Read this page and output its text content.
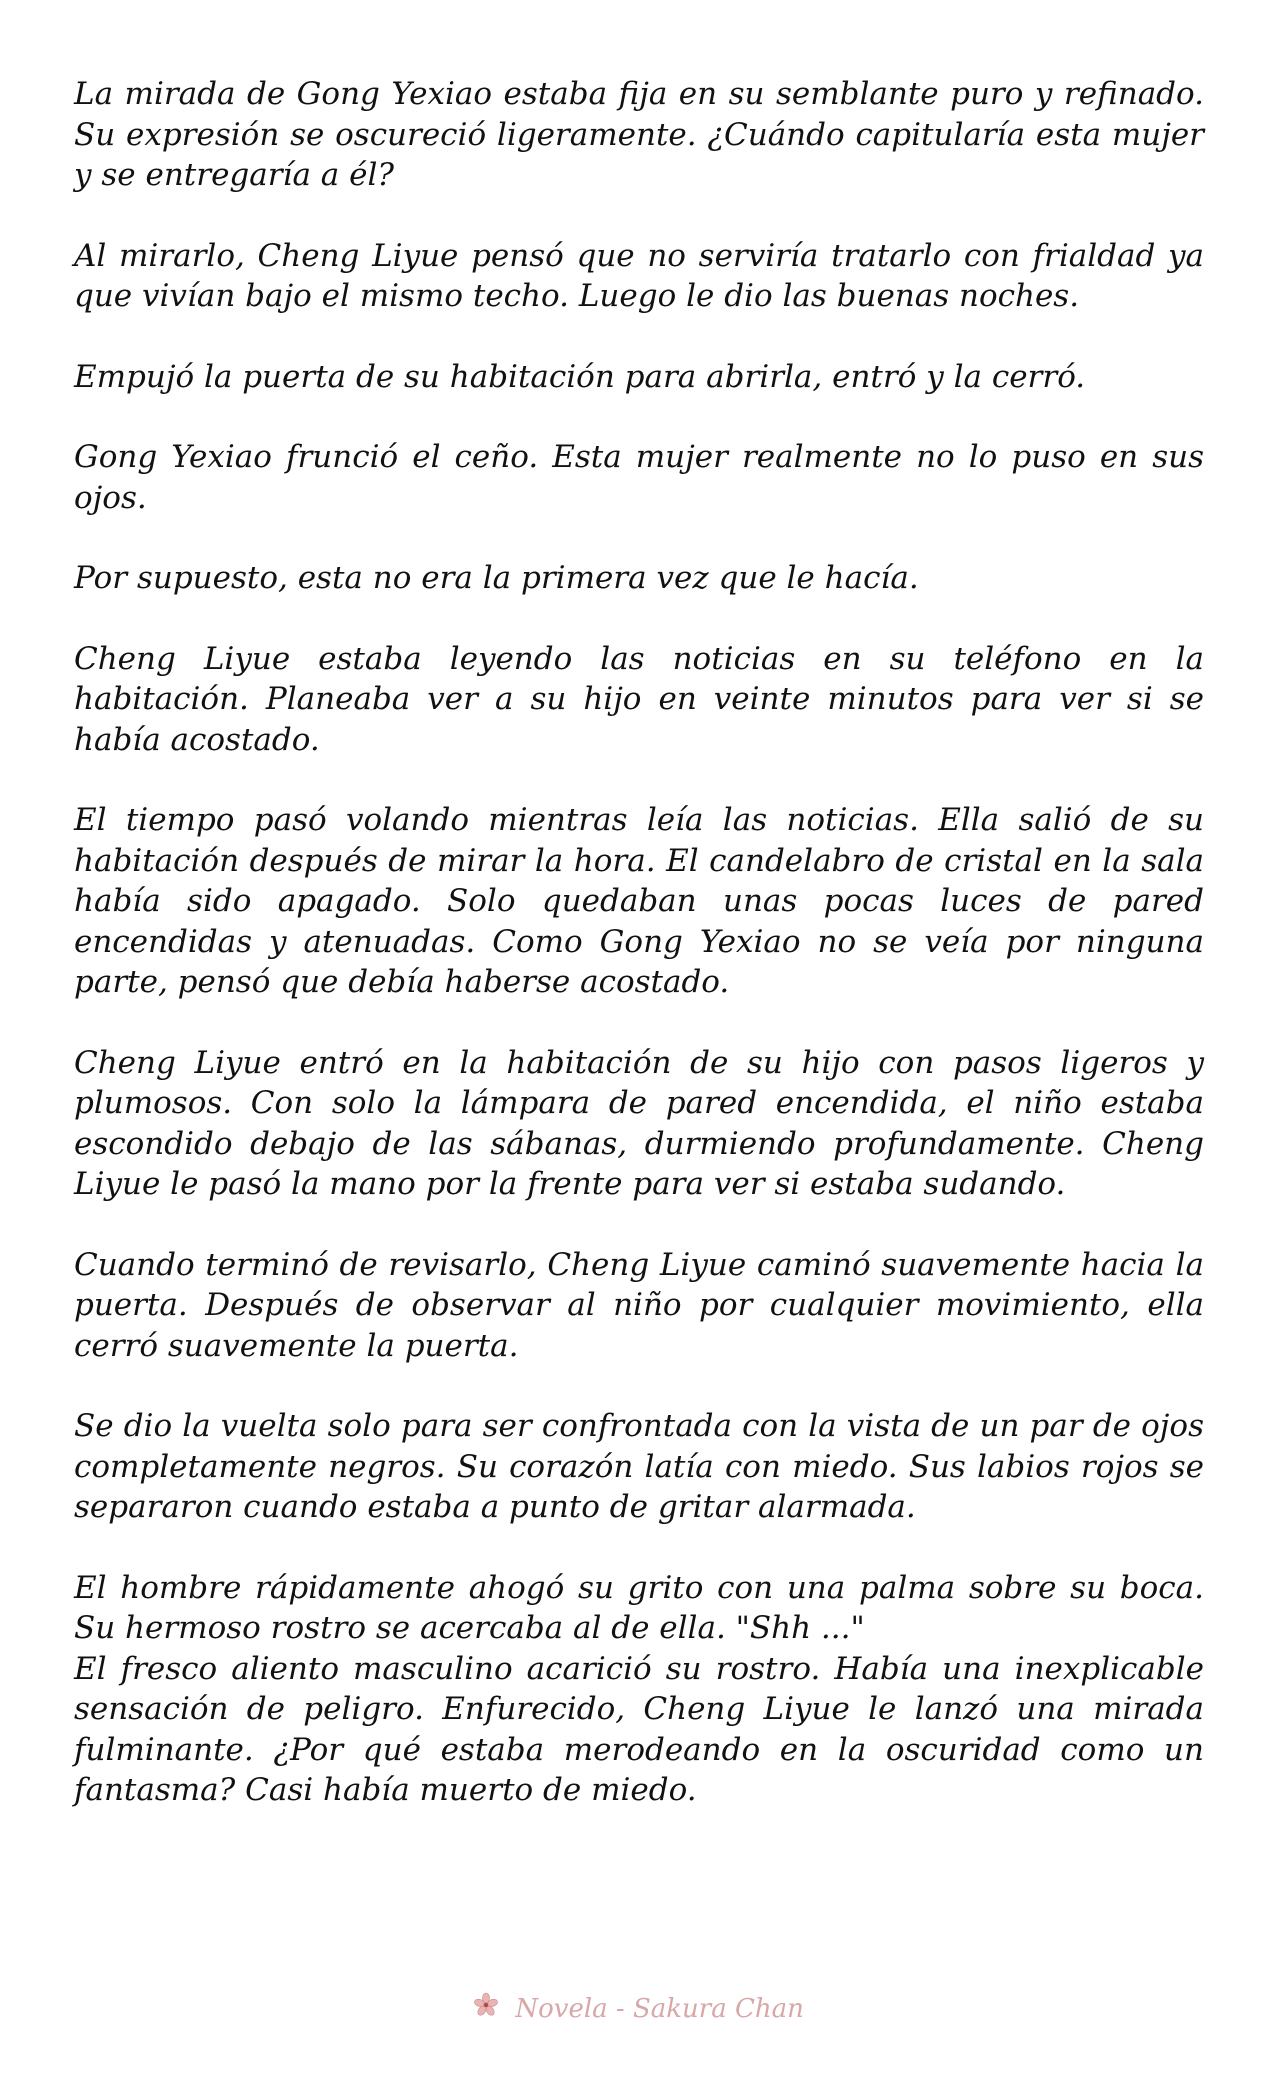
La mirada de Gong Yexiao estaba fija en su semblante puro y refinado. Su expresión se oscureció ligeramente. ¿Cuándo capitularía esta mujer y se entregaría a él?

Al mirarlo, Cheng Liyue pensó que no serviría tratarlo con frialdad ya que vivían bajo el mismo techo. Luego le dio las buenas noches.

Empujó la puerta de su habitación para abrirla, entró y la cerró.

Gong Yexiao frunció el ceño. Esta mujer realmente no lo puso en sus ojos.

Por supuesto, esta no era la primera vez que le hacía.

Cheng Liyue estaba leyendo las noticias en su teléfono en la habitación. Planeaba ver a su hijo en veinte minutos para ver si se había acostado.

El tiempo pasó volando mientras leía las noticias. Ella salió de su habitación después de mirar la hora. El candelabro de cristal en la sala había sido apagado. Solo quedaban unas pocas luces de pared encendidas y atenuadas. Como Gong Yexiao no se veía por ninguna parte, pensó que debía haberse acostado.

Cheng Liyue entró en la habitación de su hijo con pasos ligeros y plumosos. Con solo la lámpara de pared encendida, el niño estaba escondido debajo de las sábanas, durmiendo profundamente. Cheng Liyue le pasó la mano por la frente para ver si estaba sudando.

Cuando terminó de revisarlo, Cheng Liyue caminó suavemente hacia la puerta. Después de observar al niño por cualquier movimiento, ella cerró suavemente la puerta.

Se dio la vuelta solo para ser confrontada con la vista de un par de ojos completamente negros. Su corazón latía con miedo. Sus labios rojos se separaron cuando estaba a punto de gritar alarmada.

El hombre rápidamente ahogó su grito con una palma sobre su boca. Su hermoso rostro se acercaba al de ella. "Shh ..."

El fresco aliento masculino acarició su rostro. Había una inexplicable sensación de peligro. Enfurecido, Cheng Liyue le lanzó una mirada fulminante. ¿Por qué estaba merodeando en la oscuridad como un fantasma? Casi había muerto de miedo.

Novela - Sakura Chan
